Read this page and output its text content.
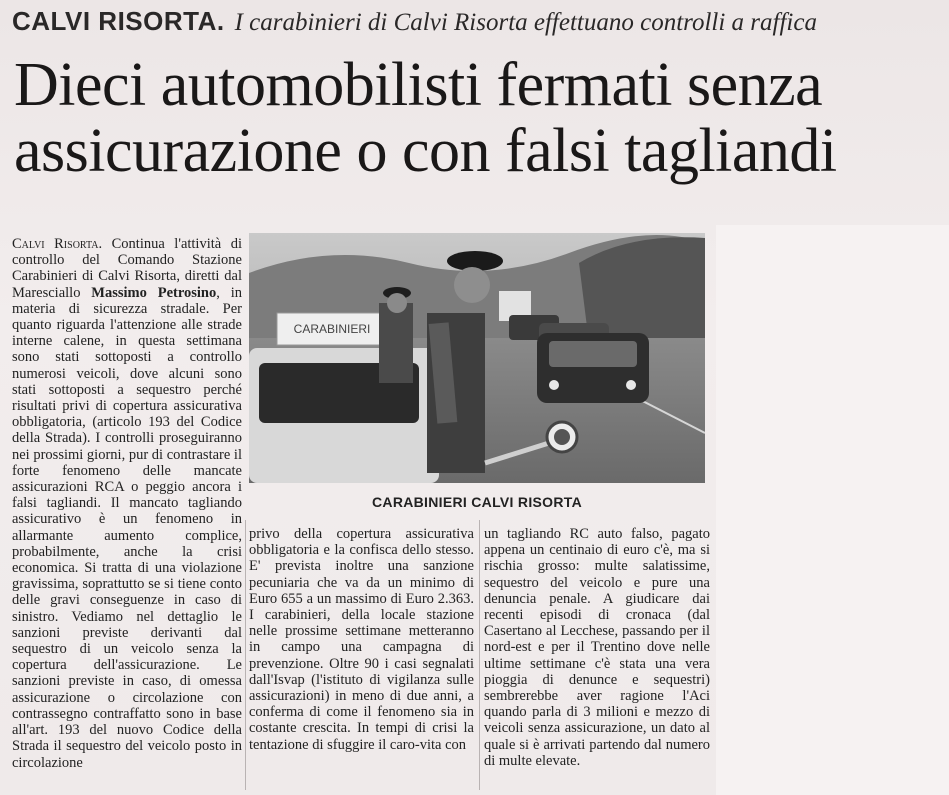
CALVI RISORTA. I carabinieri di Calvi Risorta effettuano controlli a raffica
Dieci automobilisti fermati senza
assicurazione o con falsi tagliandi
Calvi Risorta. Continua l'attività di controllo del Comando Stazione Carabinieri di Calvi Risorta, diretti dal Maresciallo Massimo Petrosino, in materia di sicurezza stradale. Per quanto riguarda l'attenzione alle strade interne calene, in questa settimana sono stati sottoposti a controllo numerosi veicoli, dove alcuni sono stati sottoposti a sequestro perché risultati privi di copertura assicurativa obbligatoria, (articolo 193 del Codice della Strada). I controlli proseguiranno nei prossimi giorni, pur di contrastare il forte fenomeno delle mancate assicurazioni RCA o peggio ancora i falsi tagliandi. Il mancato tagliando assicurativo è un fenomeno in allarmante aumento complice, probabilmente, anche la crisi economica. Si tratta di una violazione gravissima, soprattutto se si tiene conto delle gravi conseguenze in caso di sinistro. Vediamo nel dettaglio le sanzioni previste derivanti dal sequestro di un veicolo senza la copertura dell'assicurazione. Le sanzioni previste in caso, di omessa assicurazione o circolazione con contrassegno contraffatto sono in base all'art. 193 del nuovo Codice della Strada il sequestro del veicolo posto in circolazione
CARABINIERI
CARABINIERI CALVI RISORTA
privo della copertura assicurativa obbligatoria e la confisca dello stesso. E' prevista inoltre una sanzione pecuniaria che va da un minimo di Euro 655 a un massimo di Euro 2.363. I carabinieri, della locale stazione nelle prossime settimane metteranno in campo una campagna di prevenzione. Oltre 90 i casi segnalati dall'Isvap (l'istituto di vigilanza sulle assicurazioni) in meno di due anni, a conferma di come il fenomeno sia in costante crescita. In tempi di crisi la tentazione di sfuggire il caro-vita con
un tagliando RC auto falso, pagato appena un centinaio di euro c'è, ma si rischia grosso: multe salatissime, sequestro del veicolo e pure una denuncia penale. A giudicare dai recenti episodi di cronaca (dal Casertano al Lecchese, passando per il nord-est e per il Trentino dove nelle ultime settimane c'è stata una vera pioggia di denunce e sequestri) sembrerebbe aver ragione l'Aci quando parla di 3 milioni e mezzo di veicoli senza assicurazione, un dato al quale si è arrivati partendo dal numero di multe elevate.
